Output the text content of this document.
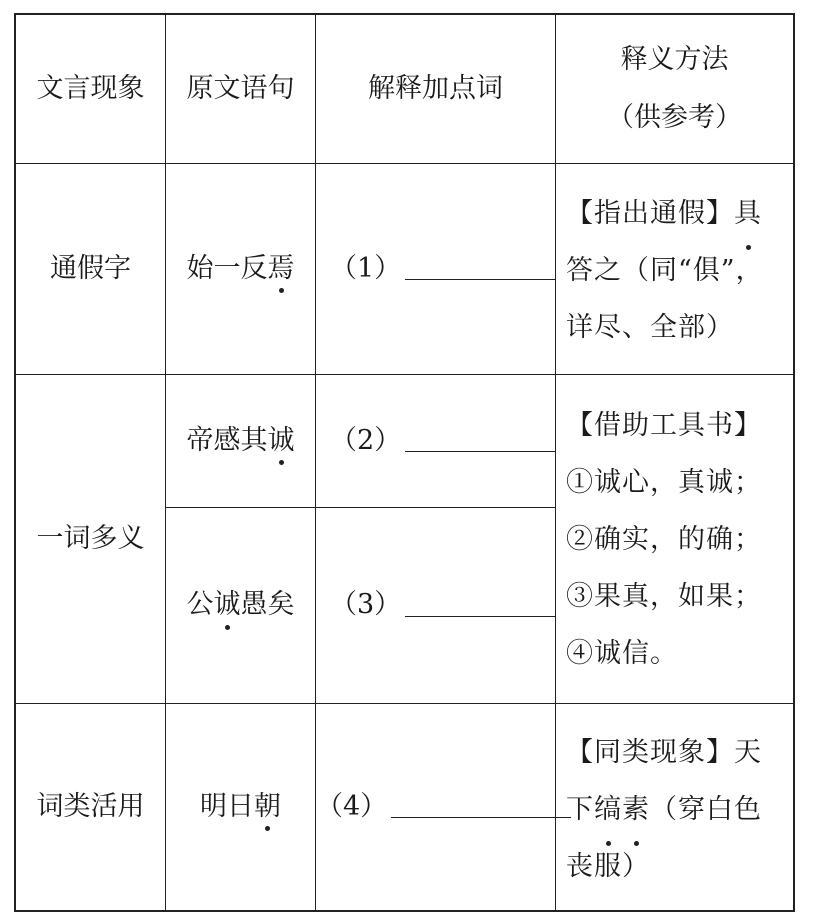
文言现象 原文语句	解释加点词
释义方法
（供参考）
通假字 始一反焉 （1）
【指出通假】具
答之（同“俱”，
详尽、全部）
一词多义
帝感其诚 （2）
公诚愚矣 （3）
【借助工具书】
①诚心，真诚；
②确实，的确；
③果真，如果；
④诚信。
词类活用 明日朝 （4）
【同类现象】天
下缟素（穿白色
丧服）
